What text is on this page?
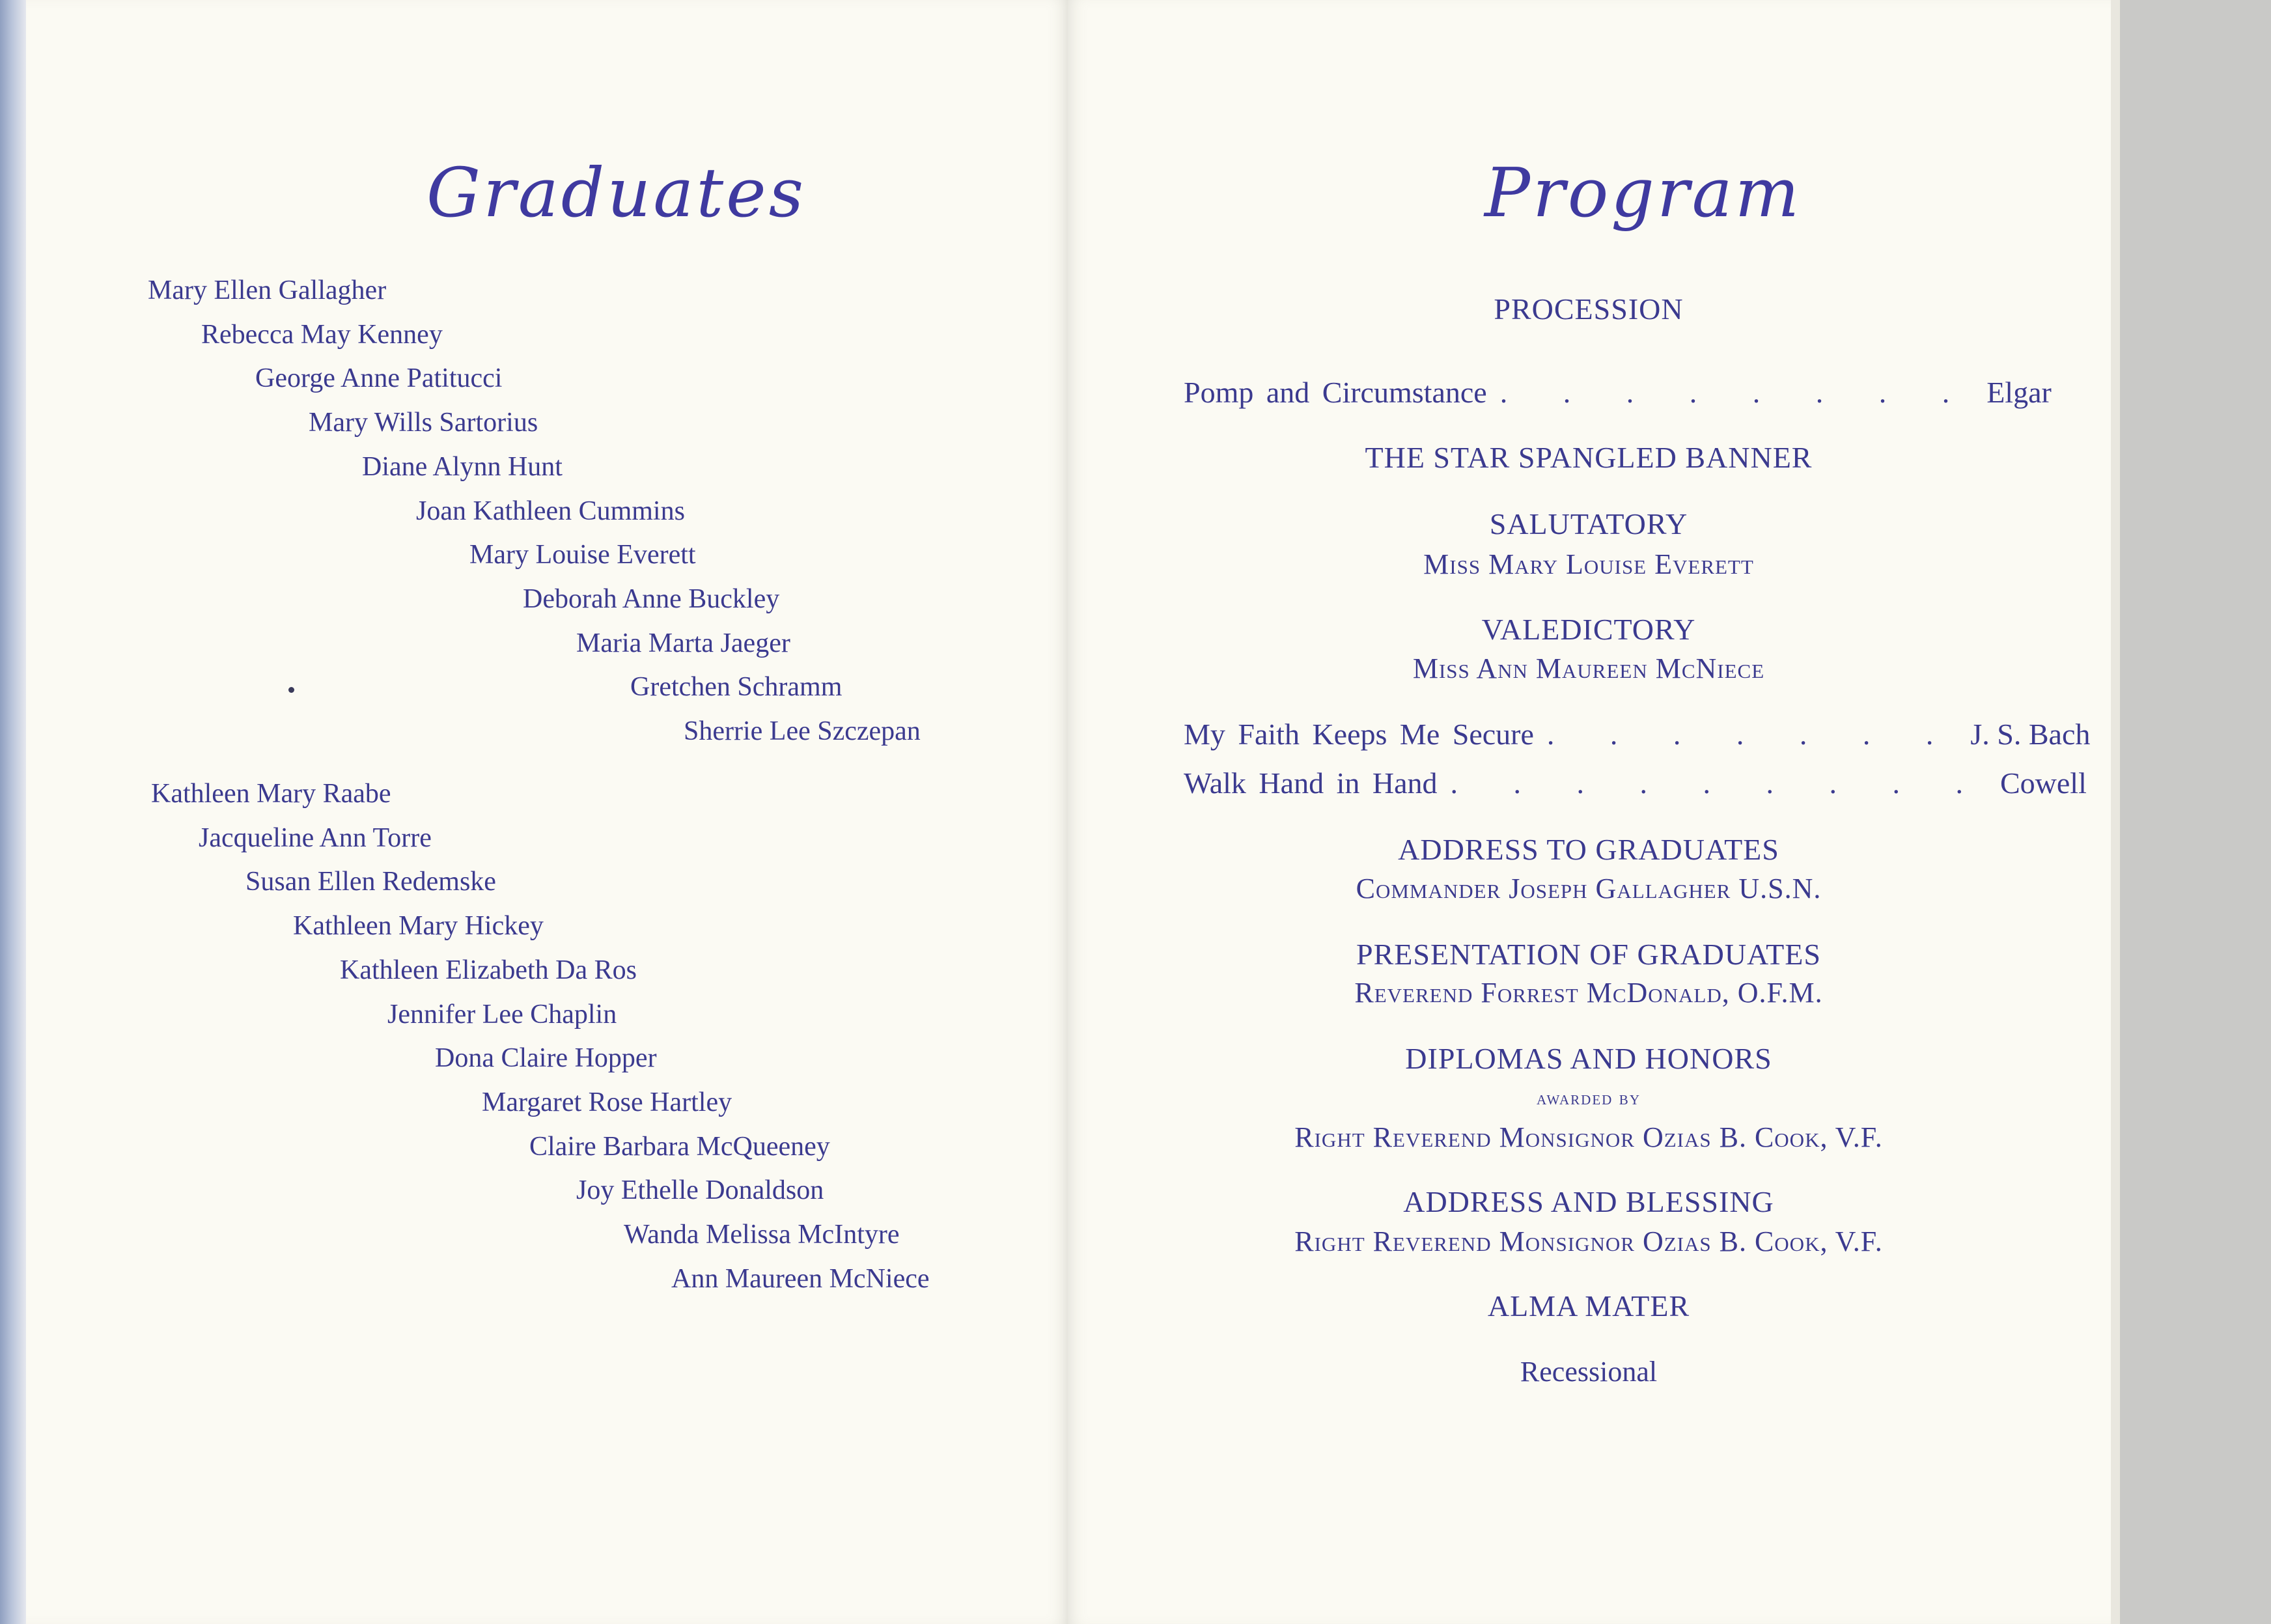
Graduates
Mary Ellen Gallagher
Rebecca May Kenney
George Anne Patitucci
Mary Wills Sartorius
Diane Alynn Hunt
Joan Kathleen Cummins
Mary Louise Everett
Deborah Anne Buckley
Maria Marta Jaeger
Gretchen Schramm
Sherrie Lee Szczepan
Kathleen Mary Raabe
Jacqueline Ann Torre
Susan Ellen Redemske
Kathleen Mary Hickey
Kathleen Elizabeth Da Ros
Jennifer Lee Chaplin
Dona Claire Hopper
Margaret Rose Hartley
Claire Barbara McQueeney
Joy Ethelle Donaldson
Wanda Melissa McIntyre
Ann Maureen McNiece
Program
PROCESSION
Pomp and Circumstance . . . . . . . . Elgar
THE STAR SPANGLED BANNER
SALUTATORY
Miss Mary Louise Everett
VALEDICTORY
Miss Ann Maureen McNiece
My Faith Keeps Me Secure . . . . . . . J. S. Bach
Walk Hand in Hand . . . . . . . . . Cowell
ADDRESS TO GRADUATES
Commander Joseph Gallagher U.S.N.
PRESENTATION OF GRADUATES
Reverend Forrest McDonald, O.F.M.
DIPLOMAS AND HONORS
awarded by
Right Reverend Monsignor Ozias B. Cook, V.F.
ADDRESS AND BLESSING
Right Reverend Monsignor Ozias B. Cook, V.F.
ALMA MATER
Recessional
